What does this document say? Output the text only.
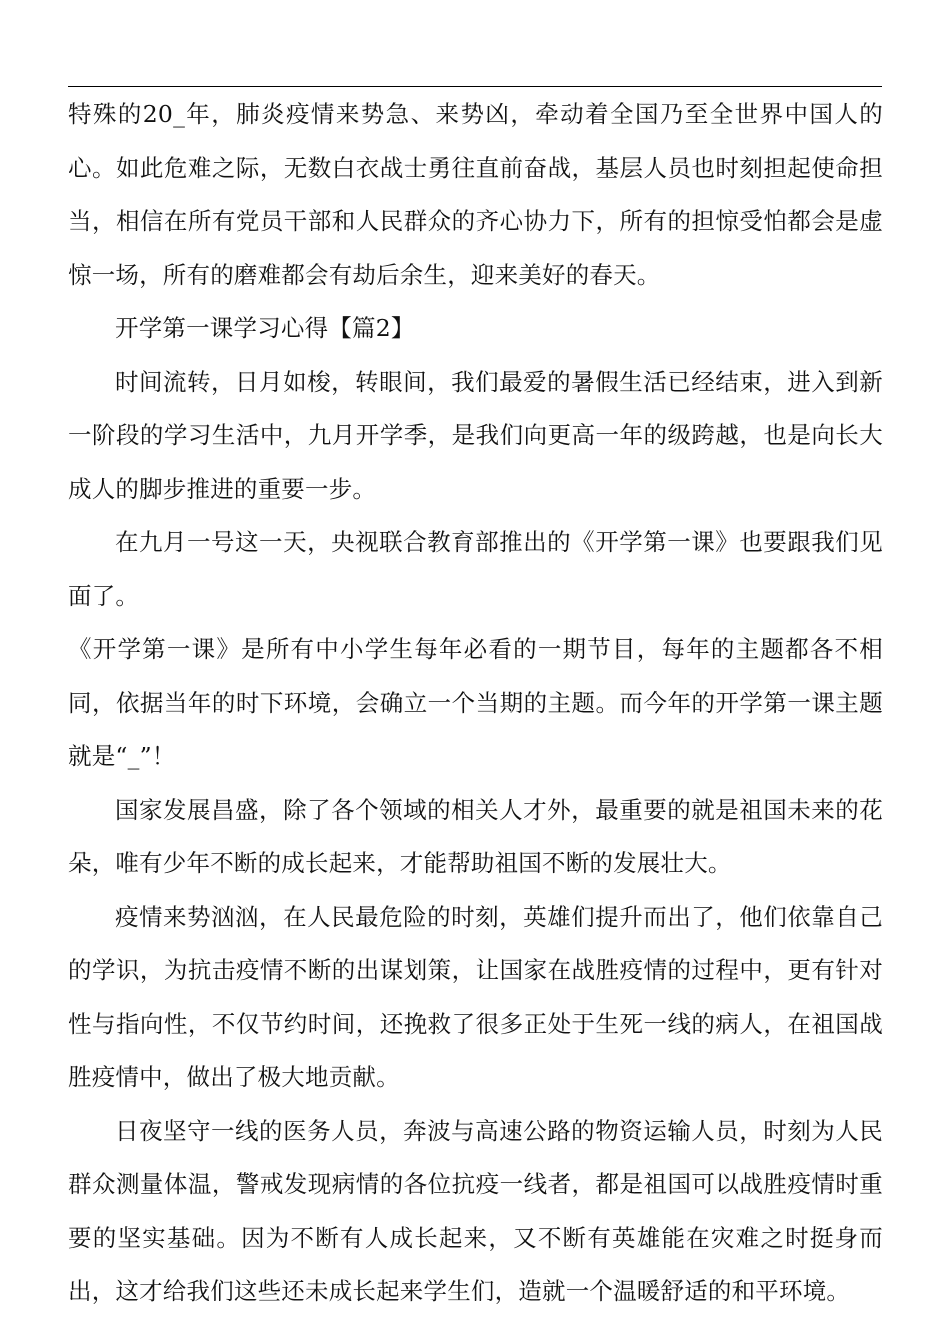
特殊的20_年，肺炎疫情来势急、来势凶，牵动着全国乃至全世界中国人的心。如此危难之际，无数白衣战士勇往直前奋战，基层人员也时刻担起使命担当，相信在所有党员干部和人民群众的齐心协力下，所有的担惊受怕都会是虚惊一场，所有的磨难都会有劫后余生，迎来美好的春天。

开学第一课学习心得【篇2】

时间流转，日月如梭，转眼间，我们最爱的暑假生活已经结束，进入到新一阶段的学习生活中，九月开学季，是我们向更高一年的级跨越，也是向长大成人的脚步推进的重要一步。

在九月一号这一天，央视联合教育部推出的《开学第一课》也要跟我们见面了。

《开学第一课》是所有中小学生每年必看的一期节目，每年的主题都各不相同，依据当年的时下环境，会确立一个当期的主题。而今年的开学第一课主题就是“_”！

国家发展昌盛，除了各个领域的相关人才外，最重要的就是祖国未来的花朵，唯有少年不断的成长起来，才能帮助祖国不断的发展壮大。

疫情来势汹汹，在人民最危险的时刻，英雄们提升而出了，他们依靠自己的学识，为抗击疫情不断的出谋划策，让国家在战胜疫情的过程中，更有针对性与指向性，不仅节约时间，还挽救了很多正处于生死一线的病人，在祖国战胜疫情中，做出了极大地贡献。

日夜坚守一线的医务人员，奔波与高速公路的物资运输人员，时刻为人民群众测量体温，警戒发现病情的各位抗疫一线者，都是祖国可以战胜疫情时重要的坚实基础。因为不断有人成长起来，又不断有英雄能在灾难之时挺身而出，这才给我们这些还未成长起来学生们，造就一个温暖舒适的和平环境。
